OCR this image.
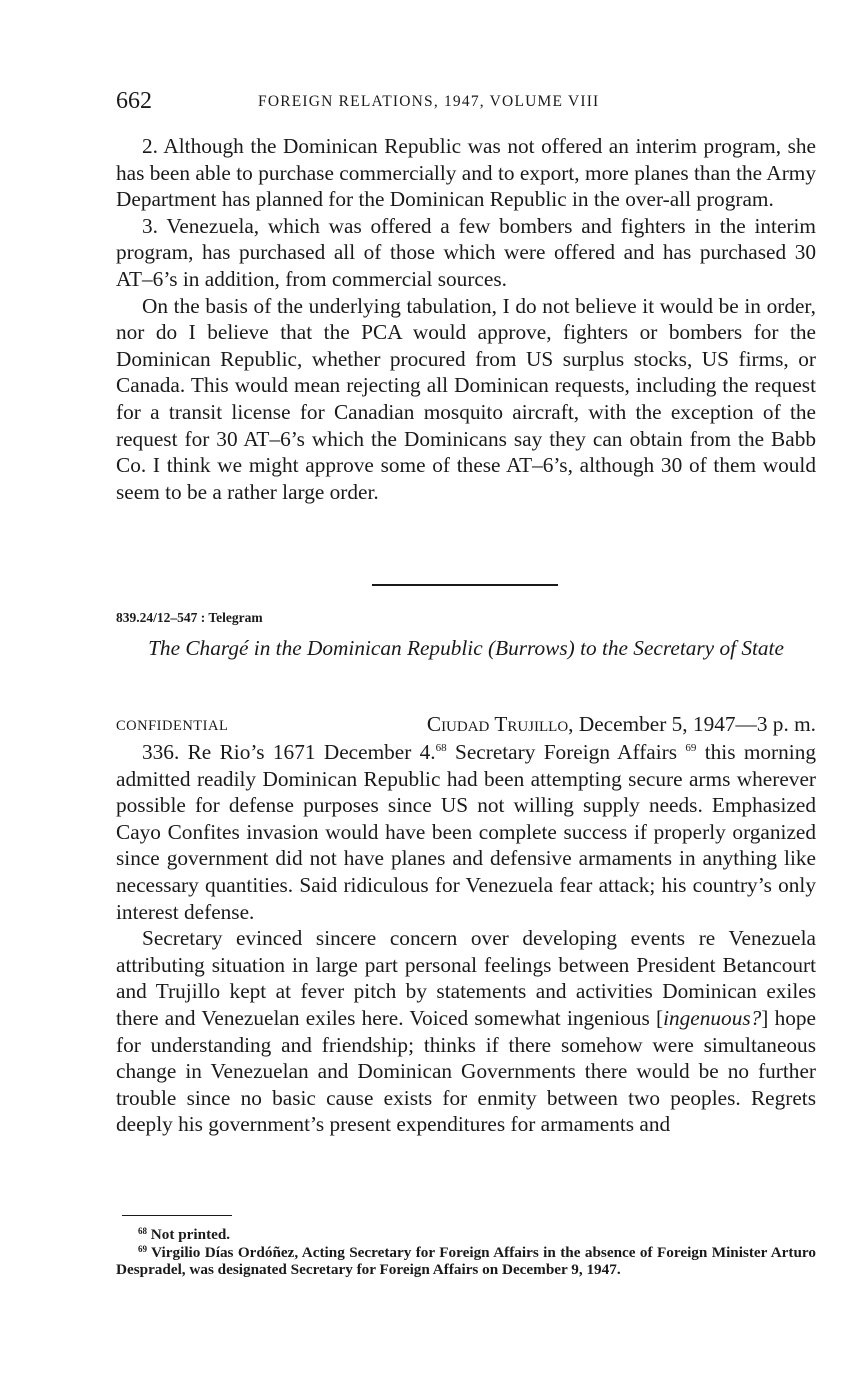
662	FOREIGN RELATIONS, 1947, VOLUME VIII

2. Although the Dominican Republic was not offered an interim program, she has been able to purchase commercially and to export, more planes than the Army Department has planned for the Dominican Republic in the over-all program.

3. Venezuela, which was offered a few bombers and fighters in the interim program, has purchased all of those which were offered and has purchased 30 AT–6’s in addition, from commercial sources.

On the basis of the underlying tabulation, I do not believe it would be in order, nor do I believe that the PCA would approve, fighters or bombers for the Dominican Republic, whether procured from US surplus stocks, US firms, or Canada. This would mean rejecting all Dominican requests, including the request for a transit license for Canadian mosquito aircraft, with the exception of the request for 30 AT–6’s which the Dominicans say they can obtain from the Babb Co. I think we might approve some of these AT–6’s, although 30 of them would seem to be a rather large order.

839.24/12–547 : Telegram
The Chargé in the Dominican Republic (Burrows) to the Secretary of State
CONFIDENTIAL	Ciudad Trujillo, December 5, 1947—3 p. m.

336. Re Rio’s 1671 December 4.68 Secretary Foreign Affairs $^{69}$ this morning admitted readily Dominican Republic had been attempting secure arms wherever possible for defense purposes since US not willing supply needs. Emphasized Cayo Confites invasion would have been complete success if properly organized since government did not have planes and defensive armaments in anything like necessary quantities. Said ridiculous for Venezuela fear attack; his country’s only interest defense.

Secretary evinced sincere concern over developing events re Venezuela attributing situation in large part personal feelings between President Betancourt and Trujillo kept at fever pitch by statements and activities Dominican exiles there and Venezuelan exiles here. Voiced somewhat ingenious [ingenuous?] hope for understanding and friendship; thinks if there somehow were simultaneous change in Venezuelan and Dominican Governments there would be no further trouble since no basic cause exists for enmity between two peoples. Regrets deeply his government’s present expenditures for armaments and

$^{68}$ Not printed.

$^{69}$ Virgilio Días Ordóñez, Acting Secretary for Foreign Affairs in the absence of Foreign Minister Arturo Despradel, was designated Secretary for Foreign Affairs on December 9, 1947.
